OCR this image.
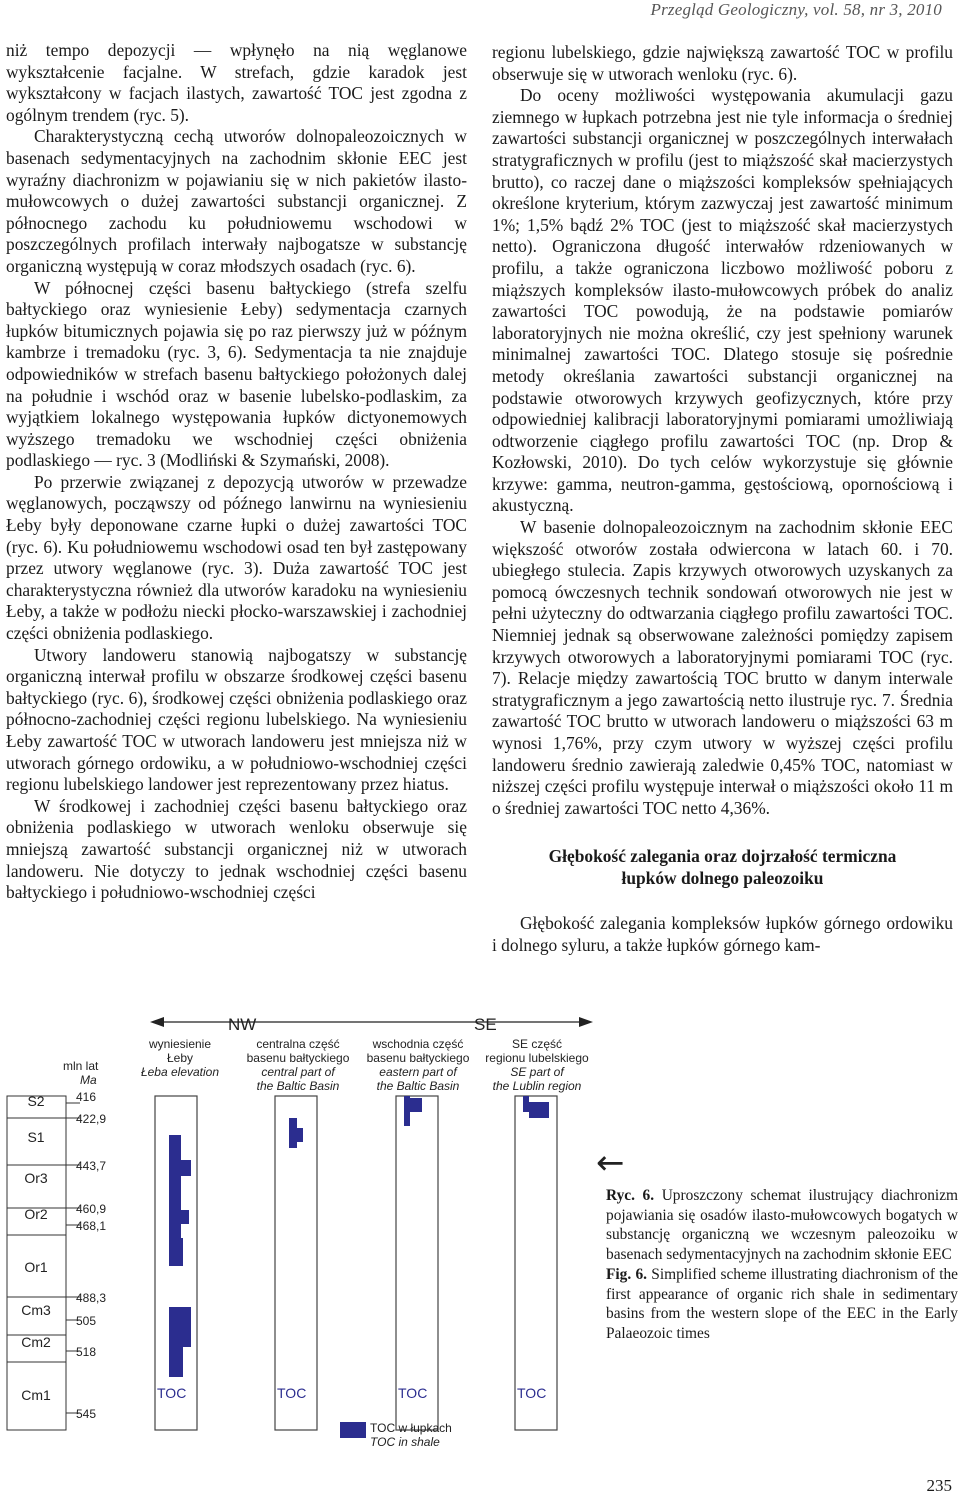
Przegląd Geologiczny, vol. 58, nr 3, 2010

niż tempo depozycji — wpłynęło na nią węglanowe wykształcenie facjalne. W strefach, gdzie karadok jest wykształcony w facjach ilastych, zawartość TOC jest zgodna z ogólnym trendem (ryc. 5).

Charakterystyczną cechą utworów dolnopaleozoicznych w basenach sedymentacyjnych na zachodnim skłonie EEC jest wyraźny diachronizm w pojawianiu się w nich pakietów ilasto-mułowcowych o dużej zawartości substancji organicznej. Z północnego zachodu ku południowemu wschodowi w poszczególnych profilach interwały najbogatsze w substancję organiczną występują w coraz młodszych osadach (ryc. 6).

W północnej części basenu bałtyckiego (strefa szelfu bałtyckiego oraz wyniesienie Łeby) sedymentacja czarnych łupków bitumicznych pojawia się po raz pierwszy już w późnym kambrze i tremadoku (ryc. 3, 6). Sedymentacja ta nie znajduje odpowiedników w strefach basenu bałtyckiego położonych dalej na południe i wschód oraz w basenie lubelsko-podlaskim, za wyjątkiem lokalnego występowania łupków dictyonemowych wyższego tremadoku we wschodniej części obniżenia podlaskiego — ryc. 3 (Modliński & Szymański, 2008).

Po przerwie związanej z depozycją utworów w przewadze węglanowych, począwszy od późnego lanwirnu na wyniesieniu Łeby były deponowane czarne łupki o dużej zawartości TOC (ryc. 6). Ku południowemu wschodowi osad ten był zastępowany przez utwory węglanowe (ryc. 3). Duża zawartość TOC jest charakterystyczna również dla utworów karadoku na wyniesieniu Łeby, a także w podłożu niecki płocko-warszawskiej i zachodniej części obniżenia podlaskiego.

Utwory landoweru stanowią najbogatszy w substancję organiczną interwał profilu w obszarze środkowej części basenu bałtyckiego (ryc. 6), środkowej części obniżenia podlaskiego oraz północno-zachodniej części regionu lubelskiego. Na wyniesieniu Łeby zawartość TOC w utworach landoweru jest mniejsza niż w utworach górnego ordowiku, a w południowo-wschodniej części regionu lubelskiego landower jest reprezentowany przez hiatus.

W środkowej i zachodniej części basenu bałtyckiego oraz obniżenia podlaskiego w utworach wenloku obserwuje się mniejszą zawartość substancji organicznej niż w utworach landoweru. Nie dotyczy to jednak wschodniej części basenu bałtyckiego i południowo-wschodniej części

regionu lubelskiego, gdzie największą zawartość TOC w profilu obserwuje się w utworach wenloku (ryc. 6).

Do oceny możliwości występowania akumulacji gazu ziemnego w łupkach potrzebna jest nie tyle informacja o średniej zawartości substancji organicznej w poszczególnych interwałach stratygraficznych w profilu (jest to miąższość skał macierzystych brutto), co raczej dane o miąższości kompleksów spełniających określone kryterium, którym zazwyczaj jest zawartość minimum 1%; 1,5% bądź 2% TOC (jest to miąższość skał macierzystych netto). Ograniczona długość interwałów rdzeniowanych w profilu, a także ograniczona liczbowo możliwość poboru z miąższych kompleksów ilasto-mułowcowych próbek do analiz zawartości TOC powodują, że na podstawie pomiarów laboratoryjnych nie można określić, czy jest spełniony warunek minimalnej zawartości TOC. Dlatego stosuje się pośrednie metody określania zawartości substancji organicznej na podstawie otworowych krzywych geofizycznych, które przy odpowiedniej kalibracji laboratoryjnymi pomiarami umożliwiają odtworzenie ciągłego profilu zawartości TOC (np. Drop & Kozłowski, 2010). Do tych celów wykorzystuje się głównie krzywe: gamma, neutron-gamma, gęstościową, opornościową i akustyczną.

W basenie dolnopaleozoicznym na zachodnim skłonie EEC większość otworów została odwiercona w latach 60. i 70. ubiegłego stulecia. Zapis krzywych otworowych uzyskanych za pomocą ówczesnych technik sondowań otworowych nie jest w pełni użyteczny do odtwarzania ciągłego profilu zawartości TOC. Niemniej jednak są obserwowane zależności pomiędzy zapisem krzywych otworowych a laboratoryjnymi pomiarami TOC (ryc. 7). Relacje między zawartością TOC brutto w danym interwale stratygraficznym a jego zawartością netto ilustruje ryc. 7. Średnia zawartość TOC brutto w utworach landoweru o miąższości 63 m wynosi 1,76%, przy czym utwory w wyższej części profilu landoweru średnio zawierają zaledwie 0,45% TOC, natomiast w niższej części profilu występuje interwał o miąższości około 11 m o średniej zawartości TOC netto 4,36%.

Głębokość zalegania oraz dojrzałość termiczna
łupków dolnego paleozoiku

Głębokość zalegania kompleksów łupków górnego ordowiku i dolnego syluru, a także łupków górnego kam-

NW	SE
mln lat
Ma
S2
S1
Or3
Or2
Or1
Cm3
Cm2
Cm1
416
422,9
443,7
460,9
468,1
488,3
505
518
545
wyniesienie
Łeby
Łeba elevation
TOC
centralna część
basenu bałtyckiego
central part of
the Baltic Basin
TOC
wschodnia część
basenu bałtyckiego
eastern part of
the Baltic Basin
TOC
SE część
regionu lubelskiego
SE part of
the Lublin region
TOC
TOC w łupkach
TOC in shale
←

Ryc. 6. Uproszczony schemat ilustrujący diachronizm pojawiania się osadów ilasto-mułowcowych bogatych w substancję organiczną we wczesnym paleozoiku w basenach sedymentacyjnych na zachodnim skłonie EEC

Fig. 6. Simplified scheme illustrating diachronism of the first appearance of organic rich shale in sedimentary basins from the western slope of the EEC in the Early Palaeozoic times

235
